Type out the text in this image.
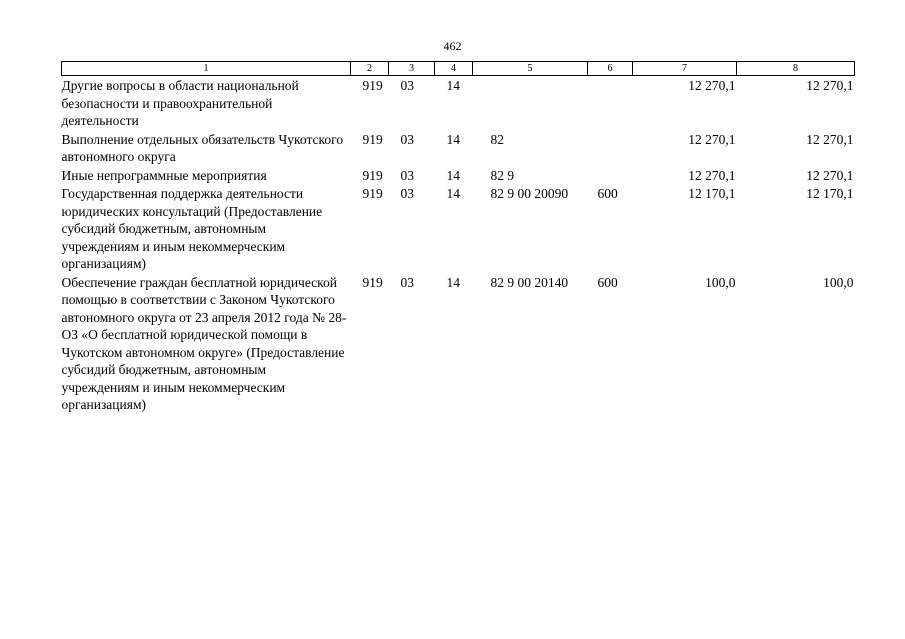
462
1	2	3	4	5	6	7	8
Другие вопросы в области национальной безопасности и правоохранительной деятельности	919	03	14			12 270,1	12 270,1
Выполнение отдельных обязательств Чукотского автономного округа	919	03	14	82		12 270,1	12 270,1
Иные непрограммные мероприятия	919	03	14	82 9		12 270,1	12 270,1
Государственная поддержка деятельности юридических консультаций (Предоставление субсидий бюджетным, автономным учреждениям и иным некоммерческим организациям)	919	03	14	82 9 00 20090	600	12 170,1	12 170,1
Обеспечение граждан бесплатной юридической помощью в соответствии с Законом Чукотского автономного округа от 23 апреля 2012 года № 28-ОЗ «О бесплатной юридической помощи в Чукотском автономном округе» (Предоставление субсидий бюджетным, автономным учреждениям и иным некоммерческим организациям)	919	03	14	82 9 00 20140	600	100,0	100,0
